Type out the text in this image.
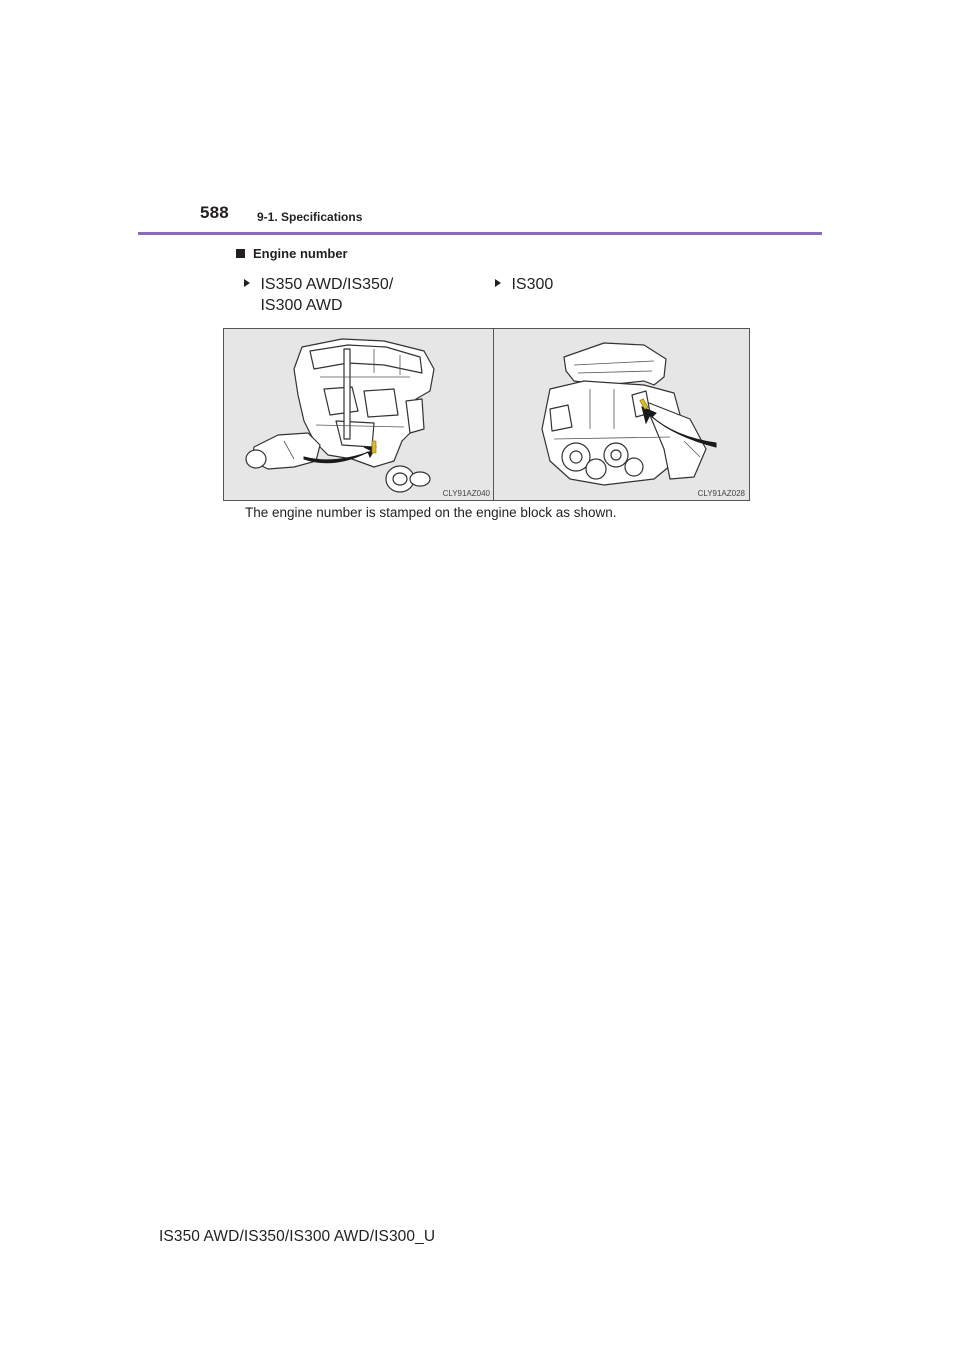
588 9-1. Specifications
Engine number
IS350 AWD/IS350/
IS300 AWD
IS300
CLY91AZ040	CLY91AZ028
The engine number is stamped on the engine block as shown.
IS350 AWD/IS350/IS300 AWD/IS300_U
